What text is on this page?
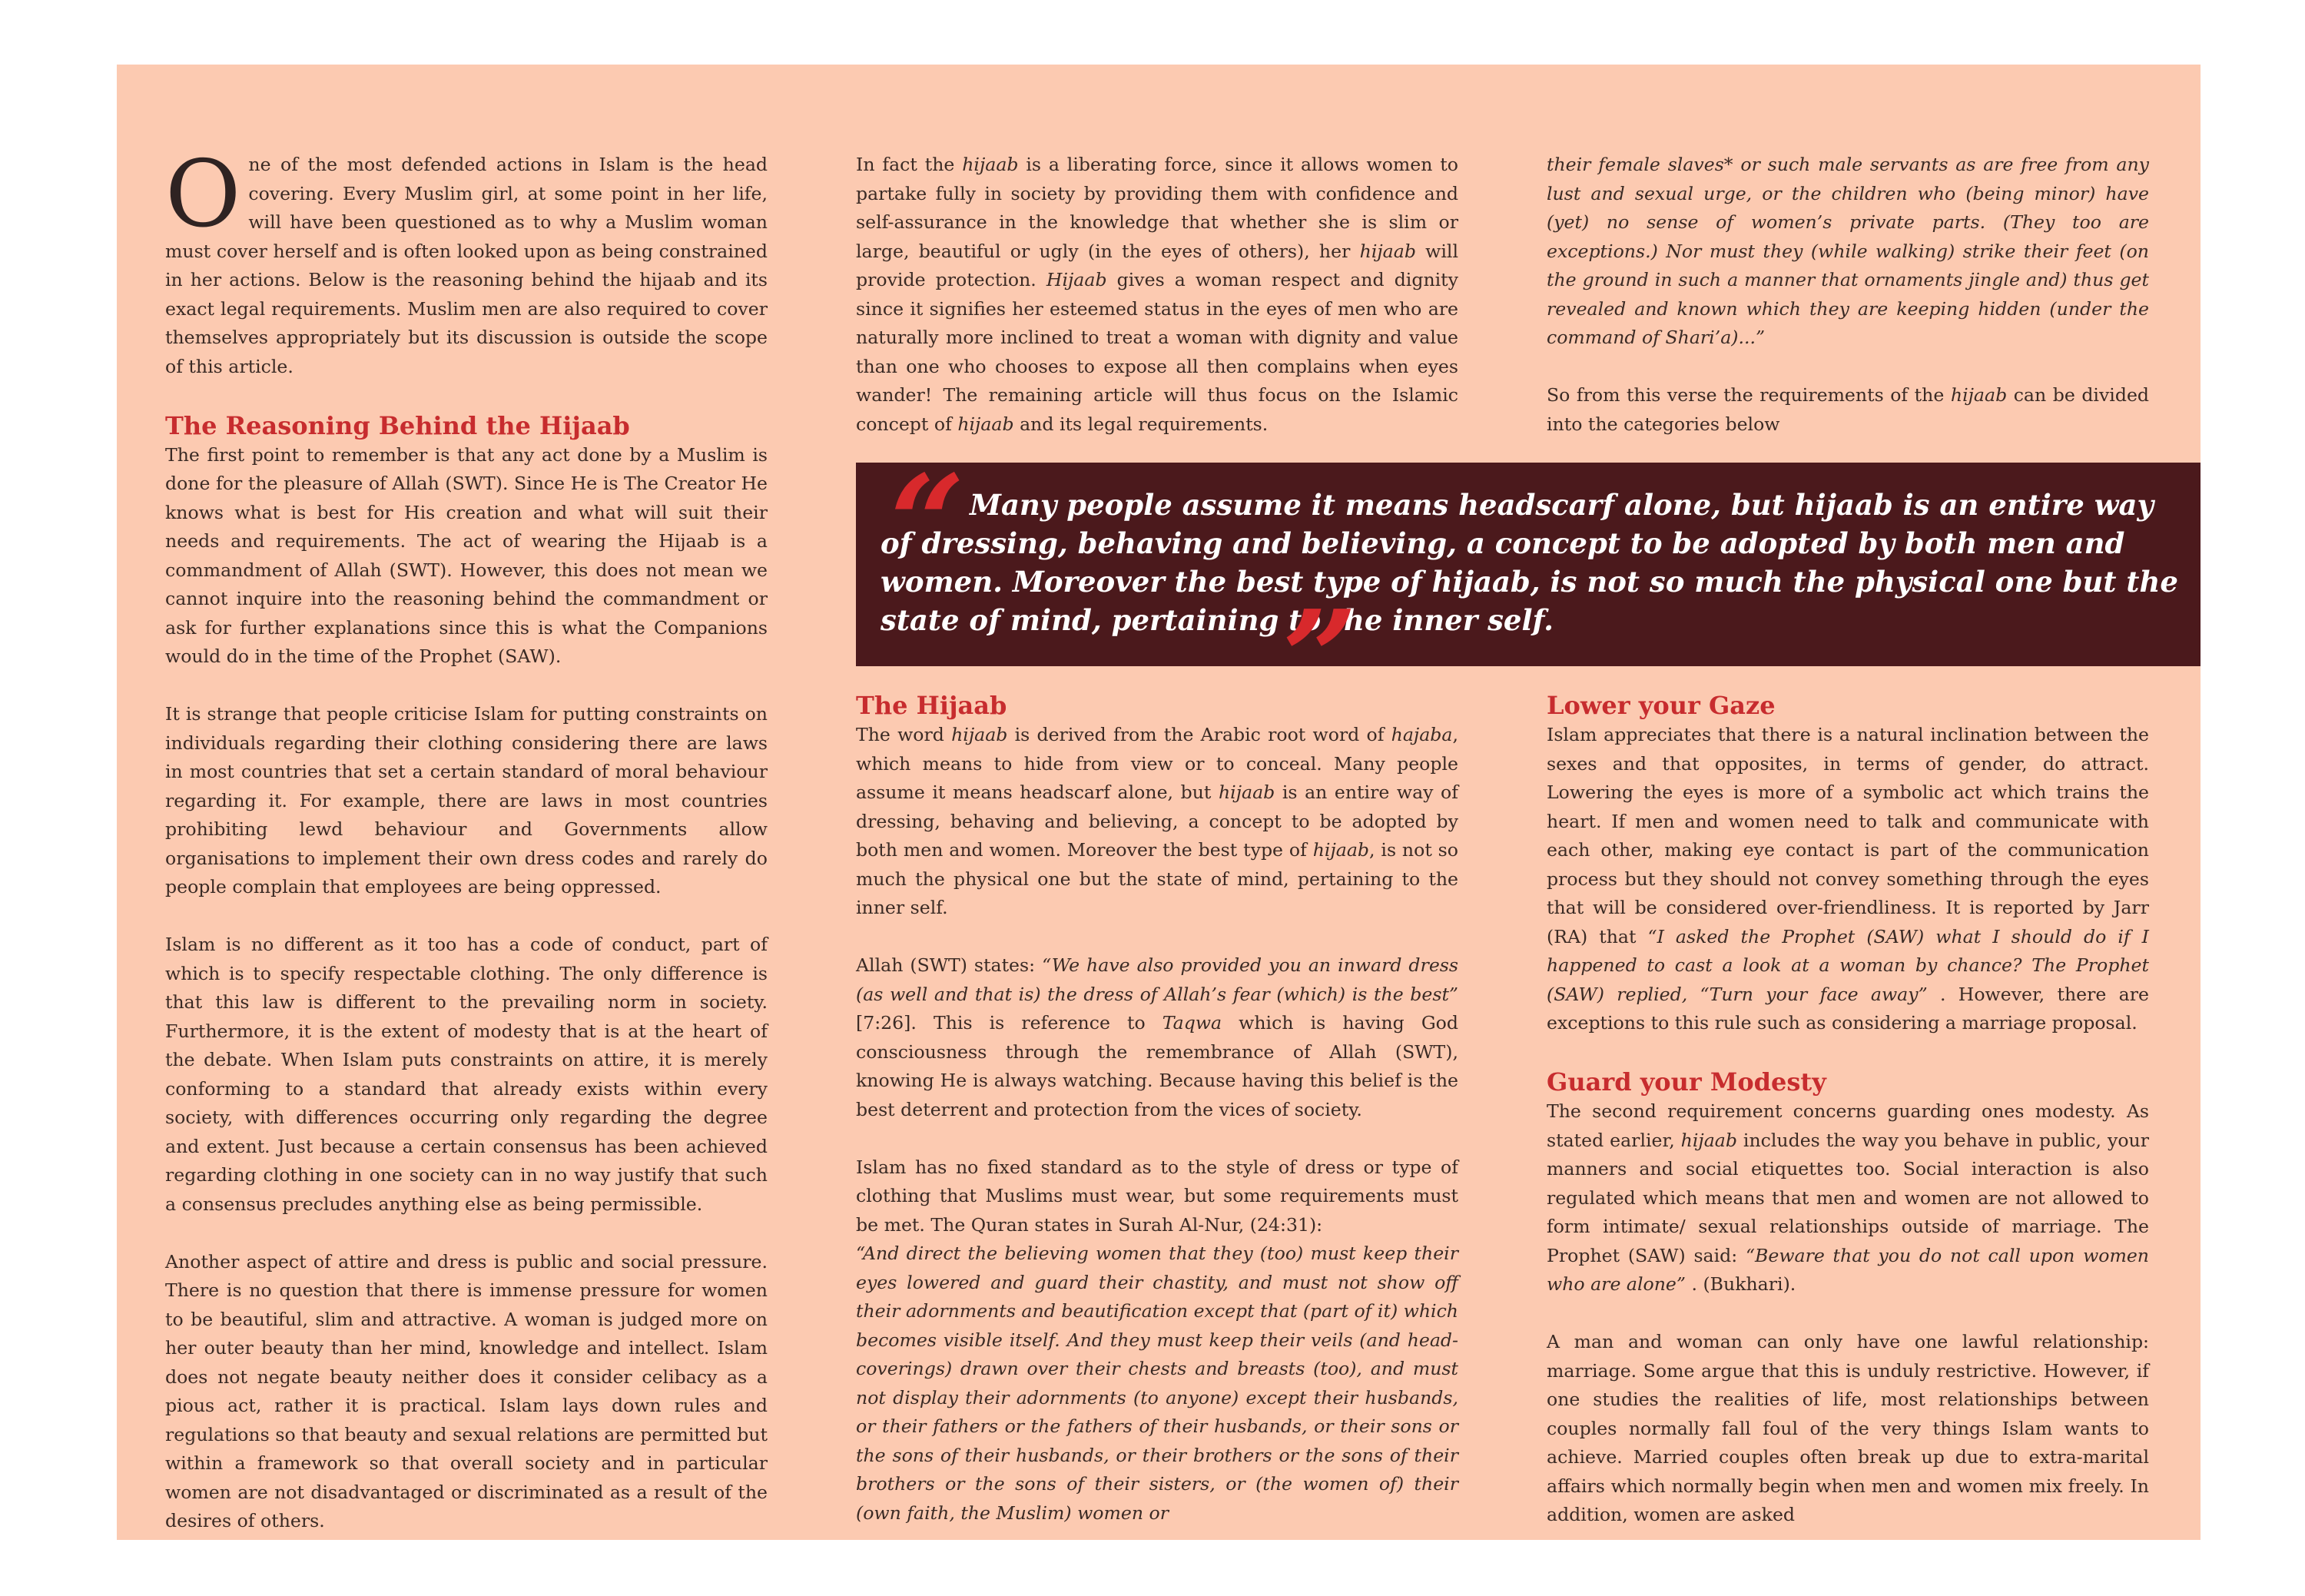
One of the most defended actions in Islam is the head covering. Every Muslim girl, at some point in her life, will have been questioned as to why a Muslim woman must cover herself and is often looked upon as being constrained in her actions. Below is the reasoning behind the hijaab and its exact legal requirements. Muslim men are also required to cover themselves appropriately but its discussion is outside the scope of this article.

The Reasoning Behind the Hijaab

The first point to remember is that any act done by a Muslim is done for the pleasure of Allah (SWT). Since He is The Creator He knows what is best for His creation and what will suit their needs and requirements. The act of wearing the Hijaab is a commandment of Allah (SWT). However, this does not mean we cannot inquire into the reasoning behind the commandment or ask for further explanations since this is what the Companions would do in the time of the Prophet (SAW).

It is strange that people criticise Islam for putting constraints on individuals regarding their clothing considering there are laws in most countries that set a certain standard of moral behaviour regarding it. For example, there are laws in most countries prohibiting lewd behaviour and Governments allow organisations to implement their own dress codes and rarely do people complain that employees are being oppressed.

Islam is no different as it too has a code of conduct, part of which is to specify respectable clothing. The only difference is that this law is different to the prevailing norm in society. Furthermore, it is the extent of modesty that is at the heart of the debate. When Islam puts constraints on attire, it is merely conforming to a standard that already exists within every society, with differences occurring only regarding the degree and extent. Just because a certain consensus has been achieved regarding clothing in one society can in no way justify that such a consensus precludes anything else as being permissible.

Another aspect of attire and dress is public and social pressure. There is no question that there is immense pressure for women to be beautiful, slim and attractive. A woman is judged more on her outer beauty than her mind, knowledge and intellect. Islam does not negate beauty neither does it consider celibacy as a pious act, rather it is practical. Islam lays down rules and regulations so that beauty and sexual relations are permitted but within a framework so that overall society and in particular women are not disadvantaged or discriminated as a result of the desires of others.

In fact the hijaab is a liberating force, since it allows women to partake fully in society by providing them with confidence and self-assurance in the knowledge that whether she is slim or large, beautiful or ugly (in the eyes of others), her hijaab will provide protection. Hijaab gives a woman respect and dignity since it signifies her esteemed status in the eyes of men who are naturally more inclined to treat a woman with dignity and value than one who chooses to expose all then complains when eyes wander! The remaining article will thus focus on the Islamic concept of hijaab and its legal requirements.

their female slaves* or such male servants as are free from any lust and sexual urge, or the children who (being minor) have (yet) no sense of women’s private parts. (They too are exceptions.) Nor must they (while walking) strike their feet (on the ground in such a manner that ornaments jingle and) thus get revealed and known which they are keeping hidden (under the command of Shari’a)...”

So from this verse the requirements of the hijaab can be divided into the categories below

“ Many people assume it means headscarf alone, but hijaab is an entire way of dressing, behaving and believing, a concept to be adopted by both men and women. Moreover the best type of hijaab, is not so much the physical one but the state of mind, pertaining to the inner self.
”
The Hijaab

The word hijaab is derived from the Arabic root word of hajaba, which means to hide from view or to conceal. Many people assume it means headscarf alone, but hijaab is an entire way of dressing, behaving and believing, a concept to be adopted by both men and women. Moreover the best type of hijaab, is not so much the physical one but the state of mind, pertaining to the inner self.

Allah (SWT) states: “We have also provided you an inward dress (as well and that is) the dress of Allah’s fear (which) is the best” [7:26]. This is reference to Taqwa which is having God consciousness through the remembrance of Allah (SWT), knowing He is always watching. Because having this belief is the best deterrent and protection from the vices of society.

Islam has no fixed standard as to the style of dress or type of clothing that Muslims must wear, but some requirements must be met. The Quran states in Surah Al-Nur, (24:31):

“And direct the believing women that they (too) must keep their eyes lowered and guard their chastity, and must not show off their adornments and beautification except that (part of it) which becomes visible itself. And they must keep their veils (and head-coverings) drawn over their chests and breasts (too), and must not display their adornments (to anyone) except their husbands, or their fathers or the fathers of their husbands, or their sons or the sons of their husbands, or their brothers or the sons of their brothers or the sons of their sisters, or (the women of) their (own faith, the Muslim) women or

Lower your Gaze

Islam appreciates that there is a natural inclination between the sexes and that opposites, in terms of gender, do attract. Lowering the eyes is more of a symbolic act which trains the heart. If men and women need to talk and communicate with each other, making eye contact is part of the communication process but they should not convey something through the eyes that will be considered over-friendliness. It is reported by Jarr (RA) that “I asked the Prophet (SAW) what I should do if I happened to cast a look at a woman by chance? The Prophet (SAW) replied, “Turn your face away” . However, there are exceptions to this rule such as considering a marriage proposal.

Guard your Modesty

The second requirement concerns guarding ones modesty. As stated earlier, hijaab includes the way you behave in public, your manners and social etiquettes too. Social interaction is also regulated which means that men and women are not allowed to form intimate/ sexual relationships outside of marriage. The Prophet (SAW) said: “Beware that you do not call upon women who are alone” . (Bukhari).

A man and woman can only have one lawful relationship: marriage. Some argue that this is unduly restrictive. However, if one studies the realities of life, most relationships between couples normally fall foul of the very things Islam wants to achieve. Married couples often break up due to extra-marital affairs which normally begin when men and women mix freely. In addition, women are asked
